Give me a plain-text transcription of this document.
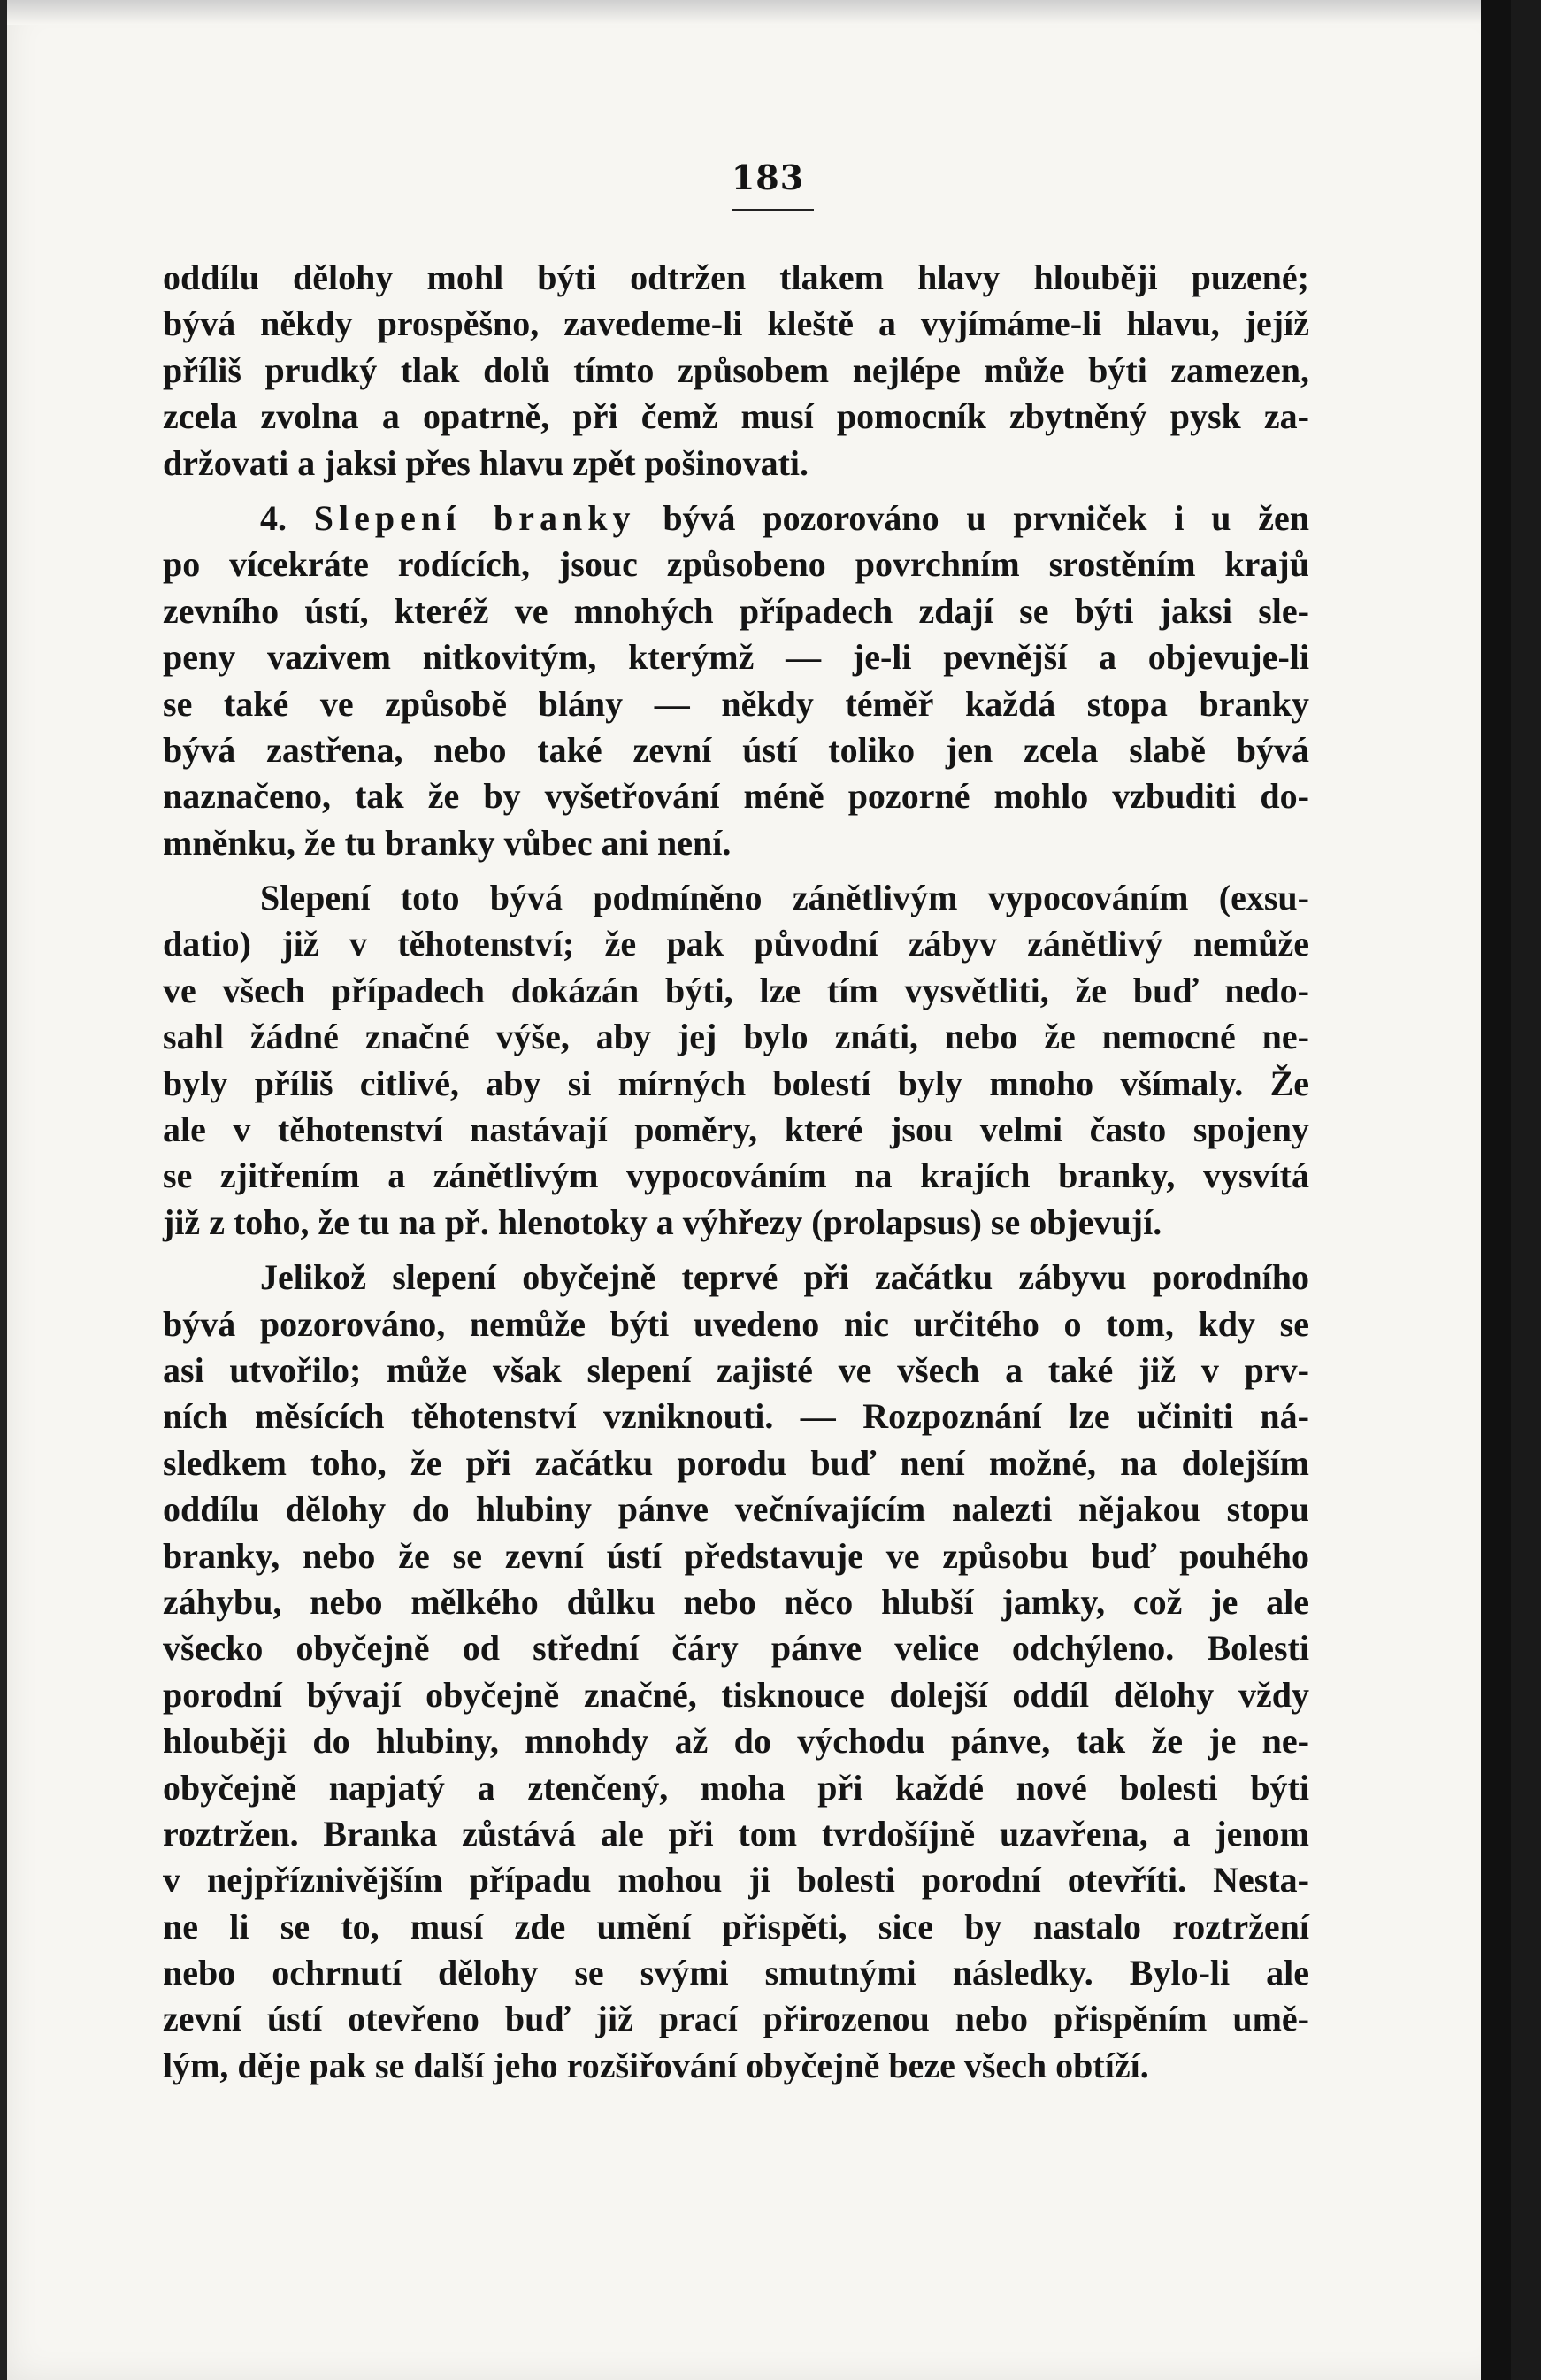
183
oddílu dělohy mohl býti odtržen tlakem hlavy hlouběji puzené;
bývá někdy prospěšno, zavedeme-li kleště a vyjímáme-li hlavu, jejíž
příliš prudký tlak dolů tímto způsobem nejlépe může býti zamezen,
zcela zvolna a opatrně, při čemž musí pomocník zbytněný pysk za-
držovati a jaksi přes hlavu zpět pošinovati.
4. Slepení branky bývá pozorováno u prvniček i u žen
po vícekráte rodících, jsouc způsobeno povrchním srostěním krajů
zevního ústí, kteréž ve mnohých případech zdají se býti jaksi sle-
peny vazivem nitkovitým, kterýmž — je-li pevnější a objevuje-li
se také ve způsobě blány — někdy téměř každá stopa branky
bývá zastřena, nebo také zevní ústí toliko jen zcela slabě bývá
naznačeno, tak že by vyšetřování méně pozorné mohlo vzbuditi do-
mněnku, že tu branky vůbec ani není.
Slepení toto bývá podmíněno zánětlivým vypocováním (exsu-
datio) již v těhotenství; že pak původní zábyv zánětlivý nemůže
ve všech případech dokázán býti, lze tím vysvětliti, že buď nedo-
sahl žádné značné výše, aby jej bylo znáti, nebo že nemocné ne-
byly příliš citlivé, aby si mírných bolestí byly mnoho všímaly. Že
ale v těhotenství nastávají poměry, které jsou velmi často spojeny
se zjitřením a zánětlivým vypocováním na krajích branky, vysvítá
již z toho, že tu na př. hlenotoky a výhřezy (prolapsus) se objevují.
Jelikož slepení obyčejně teprvé při začátku zábyvu porodního
bývá pozorováno, nemůže býti uvedeno nic určitého o tom, kdy se
asi utvořilo; může však slepení zajisté ve všech a také již v prv-
ních měsících těhotenství vzniknouti. — Rozpoznání lze učiniti ná-
sledkem toho, že při začátku porodu buď není možné, na dolejším
oddílu dělohy do hlubiny pánve večnívajícím nalezti nějakou stopu
branky, nebo že se zevní ústí představuje ve způsobu buď pouhého
záhybu, nebo mělkého důlku nebo něco hlubší jamky, což je ale
všecko obyčejně od střední čáry pánve velice odchýleno. Bolesti
porodní bývají obyčejně značné, tisknouce dolejší oddíl dělohy vždy
hlouběji do hlubiny, mnohdy až do východu pánve, tak že je ne-
obyčejně napjatý a ztenčený, moha při každé nové bolesti býti
roztržen. Branka zůstává ale při tom tvrdošíjně uzavřena, a jenom
v nejpříznivějším případu mohou ji bolesti porodní otevříti. Nesta-
ne li se to, musí zde umění přispěti, sice by nastalo roztržení
nebo ochrnutí dělohy se svými smutnými následky. Bylo-li ale
zevní ústí otevřeno buď již prací přirozenou nebo přispěním umě-
lým, děje pak se další jeho rozšiřování obyčejně beze všech obtíží.
